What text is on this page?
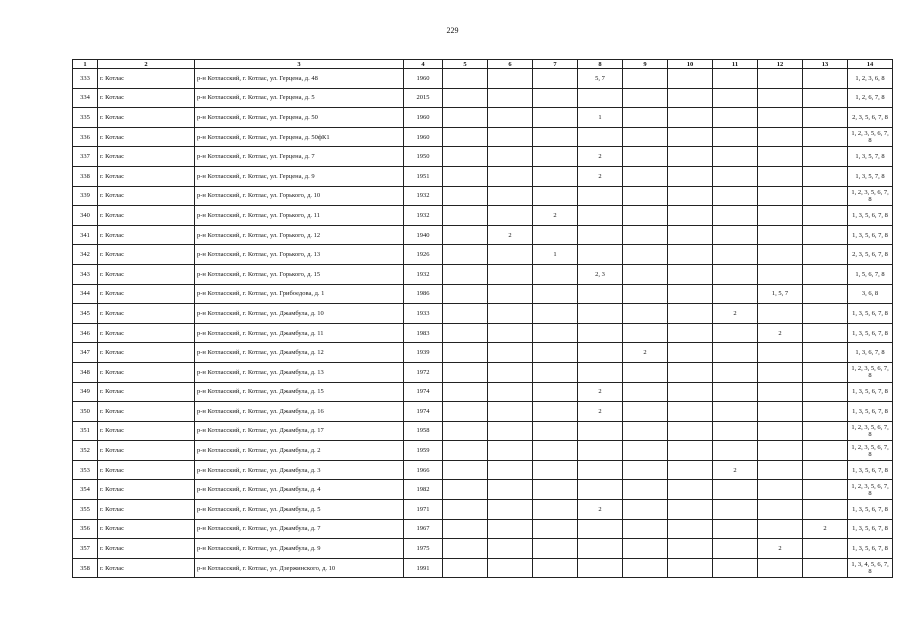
229
1	2	3	4	5	6	7	8	9	10	11	12	13	14
333	г. Котлас	р-н Котласский, г. Котлас, ул. Герцена, д. 48	1960				5, 7						1, 2, 3, 6, 8
334	г. Котлас	р-н Котласский, г. Котлас, ул. Герцена, д. 5	2015										1, 2, 6, 7, 8
335	г. Котлас	р-н Котласский, г. Котлас, ул. Герцена, д. 50	1960				1						2, 3, 5, 6, 7, 8
336	г. Котлас	р-н Котласский, г. Котлас, ул. Герцена, д. 50фК1	1960										1, 2, 3, 5, 6, 7, 8
337	г. Котлас	р-н Котласский, г. Котлас, ул. Герцена, д. 7	1950				2						1, 3, 5, 7, 8
338	г. Котлас	р-н Котласский, г. Котлас, ул. Герцена, д. 9	1951				2						1, 3, 5, 7, 8
339	г. Котлас	р-н Котласский, г. Котлас, ул. Горького, д. 10	1932										1, 2, 3, 5, 6, 7, 8
340	г. Котлас	р-н Котласский, г. Котлас, ул. Горького, д. 11	1932			2							1, 3, 5, 6, 7, 8
341	г. Котлас	р-н Котласский, г. Котлас, ул. Горького, д. 12	1940		2								1, 3, 5, 6, 7, 8
342	г. Котлас	р-н Котласский, г. Котлас, ул. Горького, д. 13	1926			1							2, 3, 5, 6, 7, 8
343	г. Котлас	р-н Котласский, г. Котлас, ул. Горького, д. 15	1932				2, 3						1, 5, 6, 7, 8
344	г. Котлас	р-н Котласский, г. Котлас, ул. Грибоедова, д. 1	1986								1, 5, 7		3, 6, 8
345	г. Котлас	р-н Котласский, г. Котлас, ул. Джамбула, д. 10	1933							2			1, 3, 5, 6, 7, 8
346	г. Котлас	р-н Котласский, г. Котлас, ул. Джамбула, д. 11	1983								2		1, 3, 5, 6, 7, 8
347	г. Котлас	р-н Котласский, г. Котлас, ул. Джамбула, д. 12	1939					2					1, 3, 6, 7, 8
348	г. Котлас	р-н Котласский, г. Котлас, ул. Джамбула, д. 13	1972										1, 2, 3, 5, 6, 7, 8
349	г. Котлас	р-н Котласский, г. Котлас, ул. Джамбула, д. 15	1974				2						1, 3, 5, 6, 7, 8
350	г. Котлас	р-н Котласский, г. Котлас, ул. Джамбула, д. 16	1974				2						1, 3, 5, 6, 7, 8
351	г. Котлас	р-н Котласский, г. Котлас, ул. Джамбула, д. 17	1958										1, 2, 3, 5, 6, 7, 8
352	г. Котлас	р-н Котласский, г. Котлас, ул. Джамбула, д. 2	1959										1, 2, 3, 5, 6, 7, 8
353	г. Котлас	р-н Котласский, г. Котлас, ул. Джамбула, д. 3	1966							2			1, 3, 5, 6, 7, 8
354	г. Котлас	р-н Котласский, г. Котлас, ул. Джамбула, д. 4	1982										1, 2, 3, 5, 6, 7, 8
355	г. Котлас	р-н Котласский, г. Котлас, ул. Джамбула, д. 5	1971				2						1, 3, 5, 6, 7, 8
356	г. Котлас	р-н Котласский, г. Котлас, ул. Джамбула, д. 7	1967									2	1, 3, 5, 6, 7, 8
357	г. Котлас	р-н Котласский, г. Котлас, ул. Джамбула, д. 9	1975								2		1, 3, 5, 6, 7, 8
358	г. Котлас	р-н Котласский, г. Котлас, ул. Дзержинского, д. 10	1991										1, 3, 4, 5, 6, 7, 8
